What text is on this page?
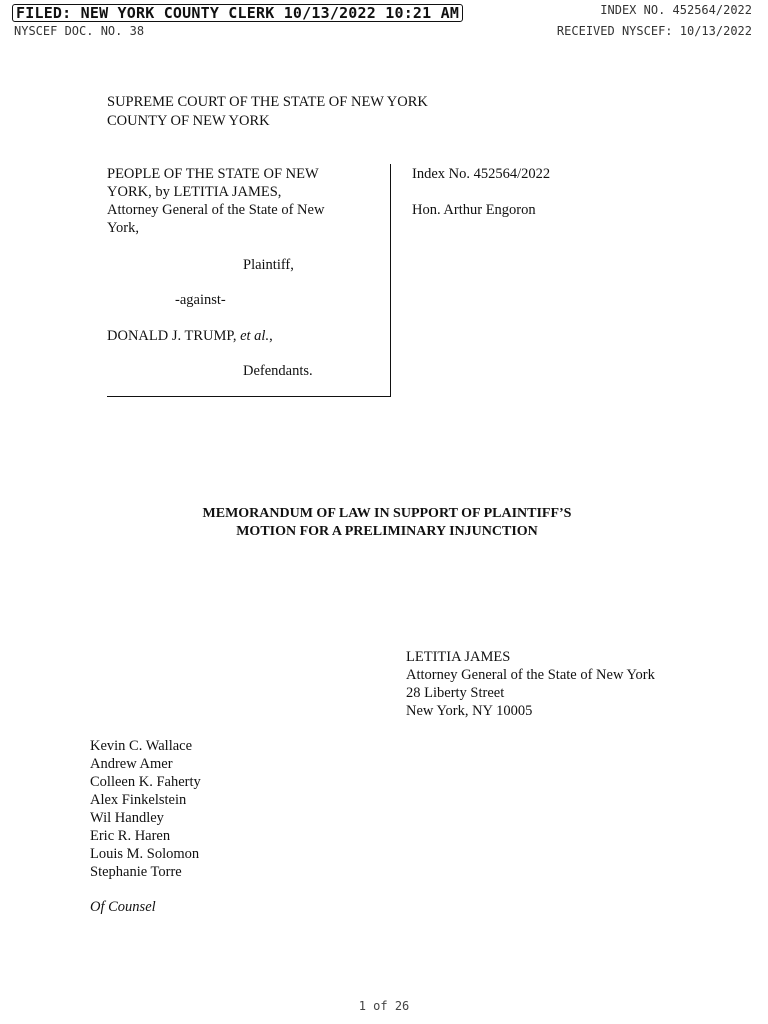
FILED: NEW YORK COUNTY CLERK 10/13/2022 10:21 AM
NYSCEF DOC. NO. 38
INDEX NO. 452564/2022
RECEIVED NYSCEF: 10/13/2022
SUPREME COURT OF THE STATE OF NEW YORK
COUNTY OF NEW YORK
PEOPLE OF THE STATE OF NEW
YORK, by LETITIA JAMES,
Attorney General of the State of New
York,
Plaintiff,
-against-
DONALD J. TRUMP, et al.,
Defendants.
Index No. 452564/2022
Hon. Arthur Engoron
MEMORANDUM OF LAW IN SUPPORT OF PLAINTIFF’S
MOTION FOR A PRELIMINARY INJUNCTION
LETITIA JAMES
Attorney General of the State of New York
28 Liberty Street
New York, NY 10005
Kevin C. Wallace
Andrew Amer
Colleen K. Faherty
Alex Finkelstein
Wil Handley
Eric R. Haren
Louis M. Solomon
Stephanie Torre
Of Counsel
1 of 26
